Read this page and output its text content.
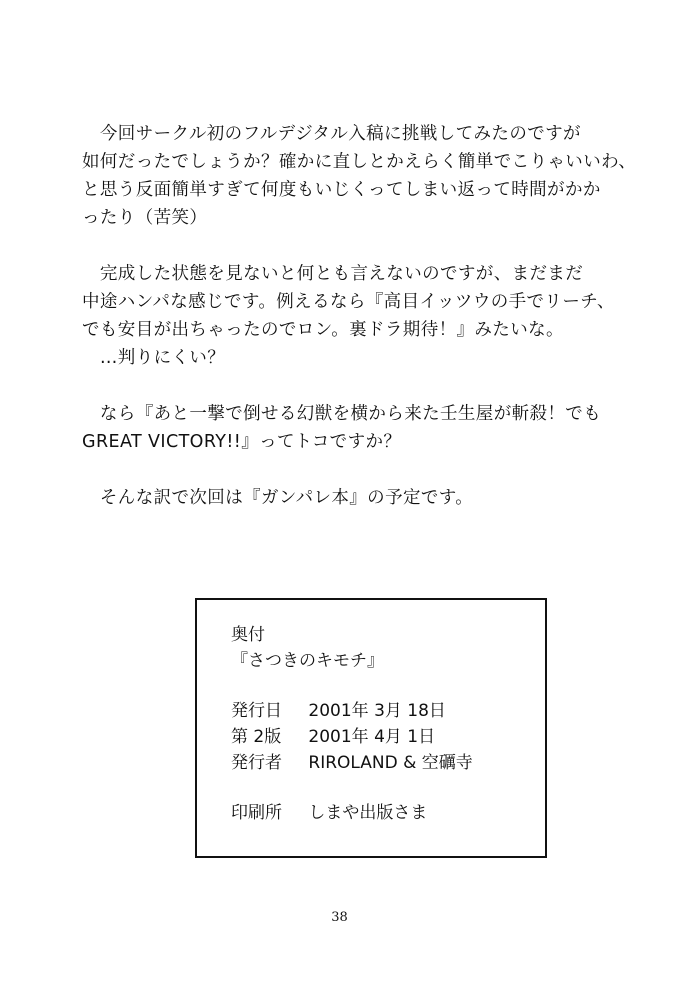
　今回サークル初のフルデジタル入稿に挑戦してみたのですが
如何だったでしょうか？確かに直しとかえらく簡単でこりゃいいわ、
と思う反面簡単すぎて何度もいじくってしまい返って時間がかか
ったり（苦笑）
　完成した状態を見ないと何とも言えないのですが、まだまだ
中途ハンパな感じです。例えるなら『高目イッツウの手でリーチ、
でも安目が出ちゃったのでロン。裏ドラ期待！』みたいな。
　…判りにくい？
　なら『あと一撃で倒せる幻獣を横から来た壬生屋が斬殺！でも
GREAT VICTORY!!』ってトコですか？
　そんな訳で次回は『ガンパレ本』の予定です。
奥付
『さつきのキモチ』
発行日 2001年 3月 18日
第 2版 2001年 4月 1日
発行者 RIROLAND & 空礪寺
印刷所 しまや出版さま
38
